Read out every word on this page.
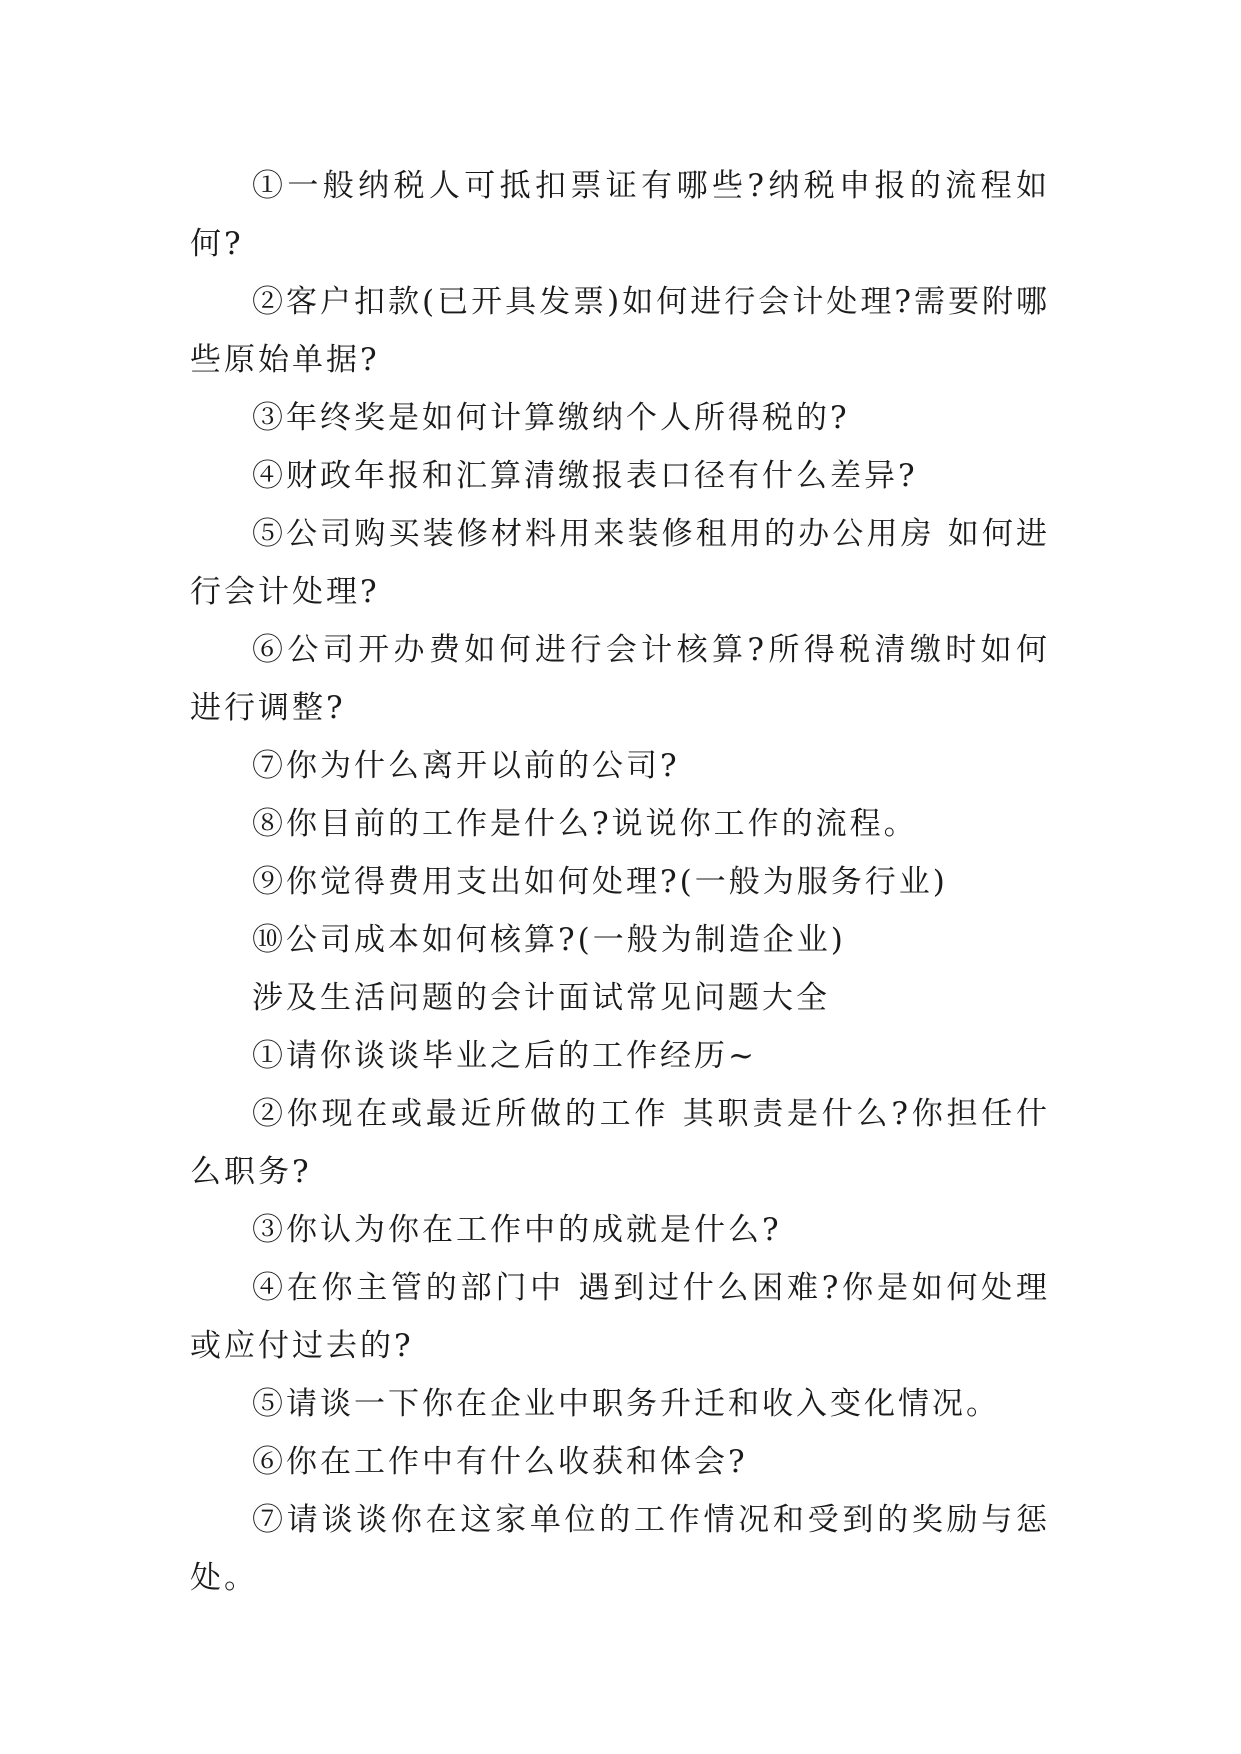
①一般纳税人可抵扣票证有哪些?纳税申报的流程如何?

②客户扣款(已开具发票)如何进行会计处理?需要附哪些原始单据?

③年终奖是如何计算缴纳个人所得税的?

④财政年报和汇算清缴报表口径有什么差异?

⑤公司购买装修材料用来装修租用的办公用房 如何进行会计处理?

⑥公司开办费如何进行会计核算?所得税清缴时如何进行调整?

⑦你为什么离开以前的公司?

⑧你目前的工作是什么?说说你工作的流程。

⑨你觉得费用支出如何处理?(一般为服务行业)

⑩公司成本如何核算?(一般为制造企业)

涉及生活问题的会计面试常见问题大全

①请你谈谈毕业之后的工作经历~

②你现在或最近所做的工作 其职责是什么?你担任什么职务?

③你认为你在工作中的成就是什么?

④在你主管的部门中 遇到过什么困难?你是如何处理或应付过去的?

⑤请谈一下你在企业中职务升迁和收入变化情况。

⑥你在工作中有什么收获和体会?

⑦请谈谈你在这家单位的工作情况和受到的奖励与惩处。
